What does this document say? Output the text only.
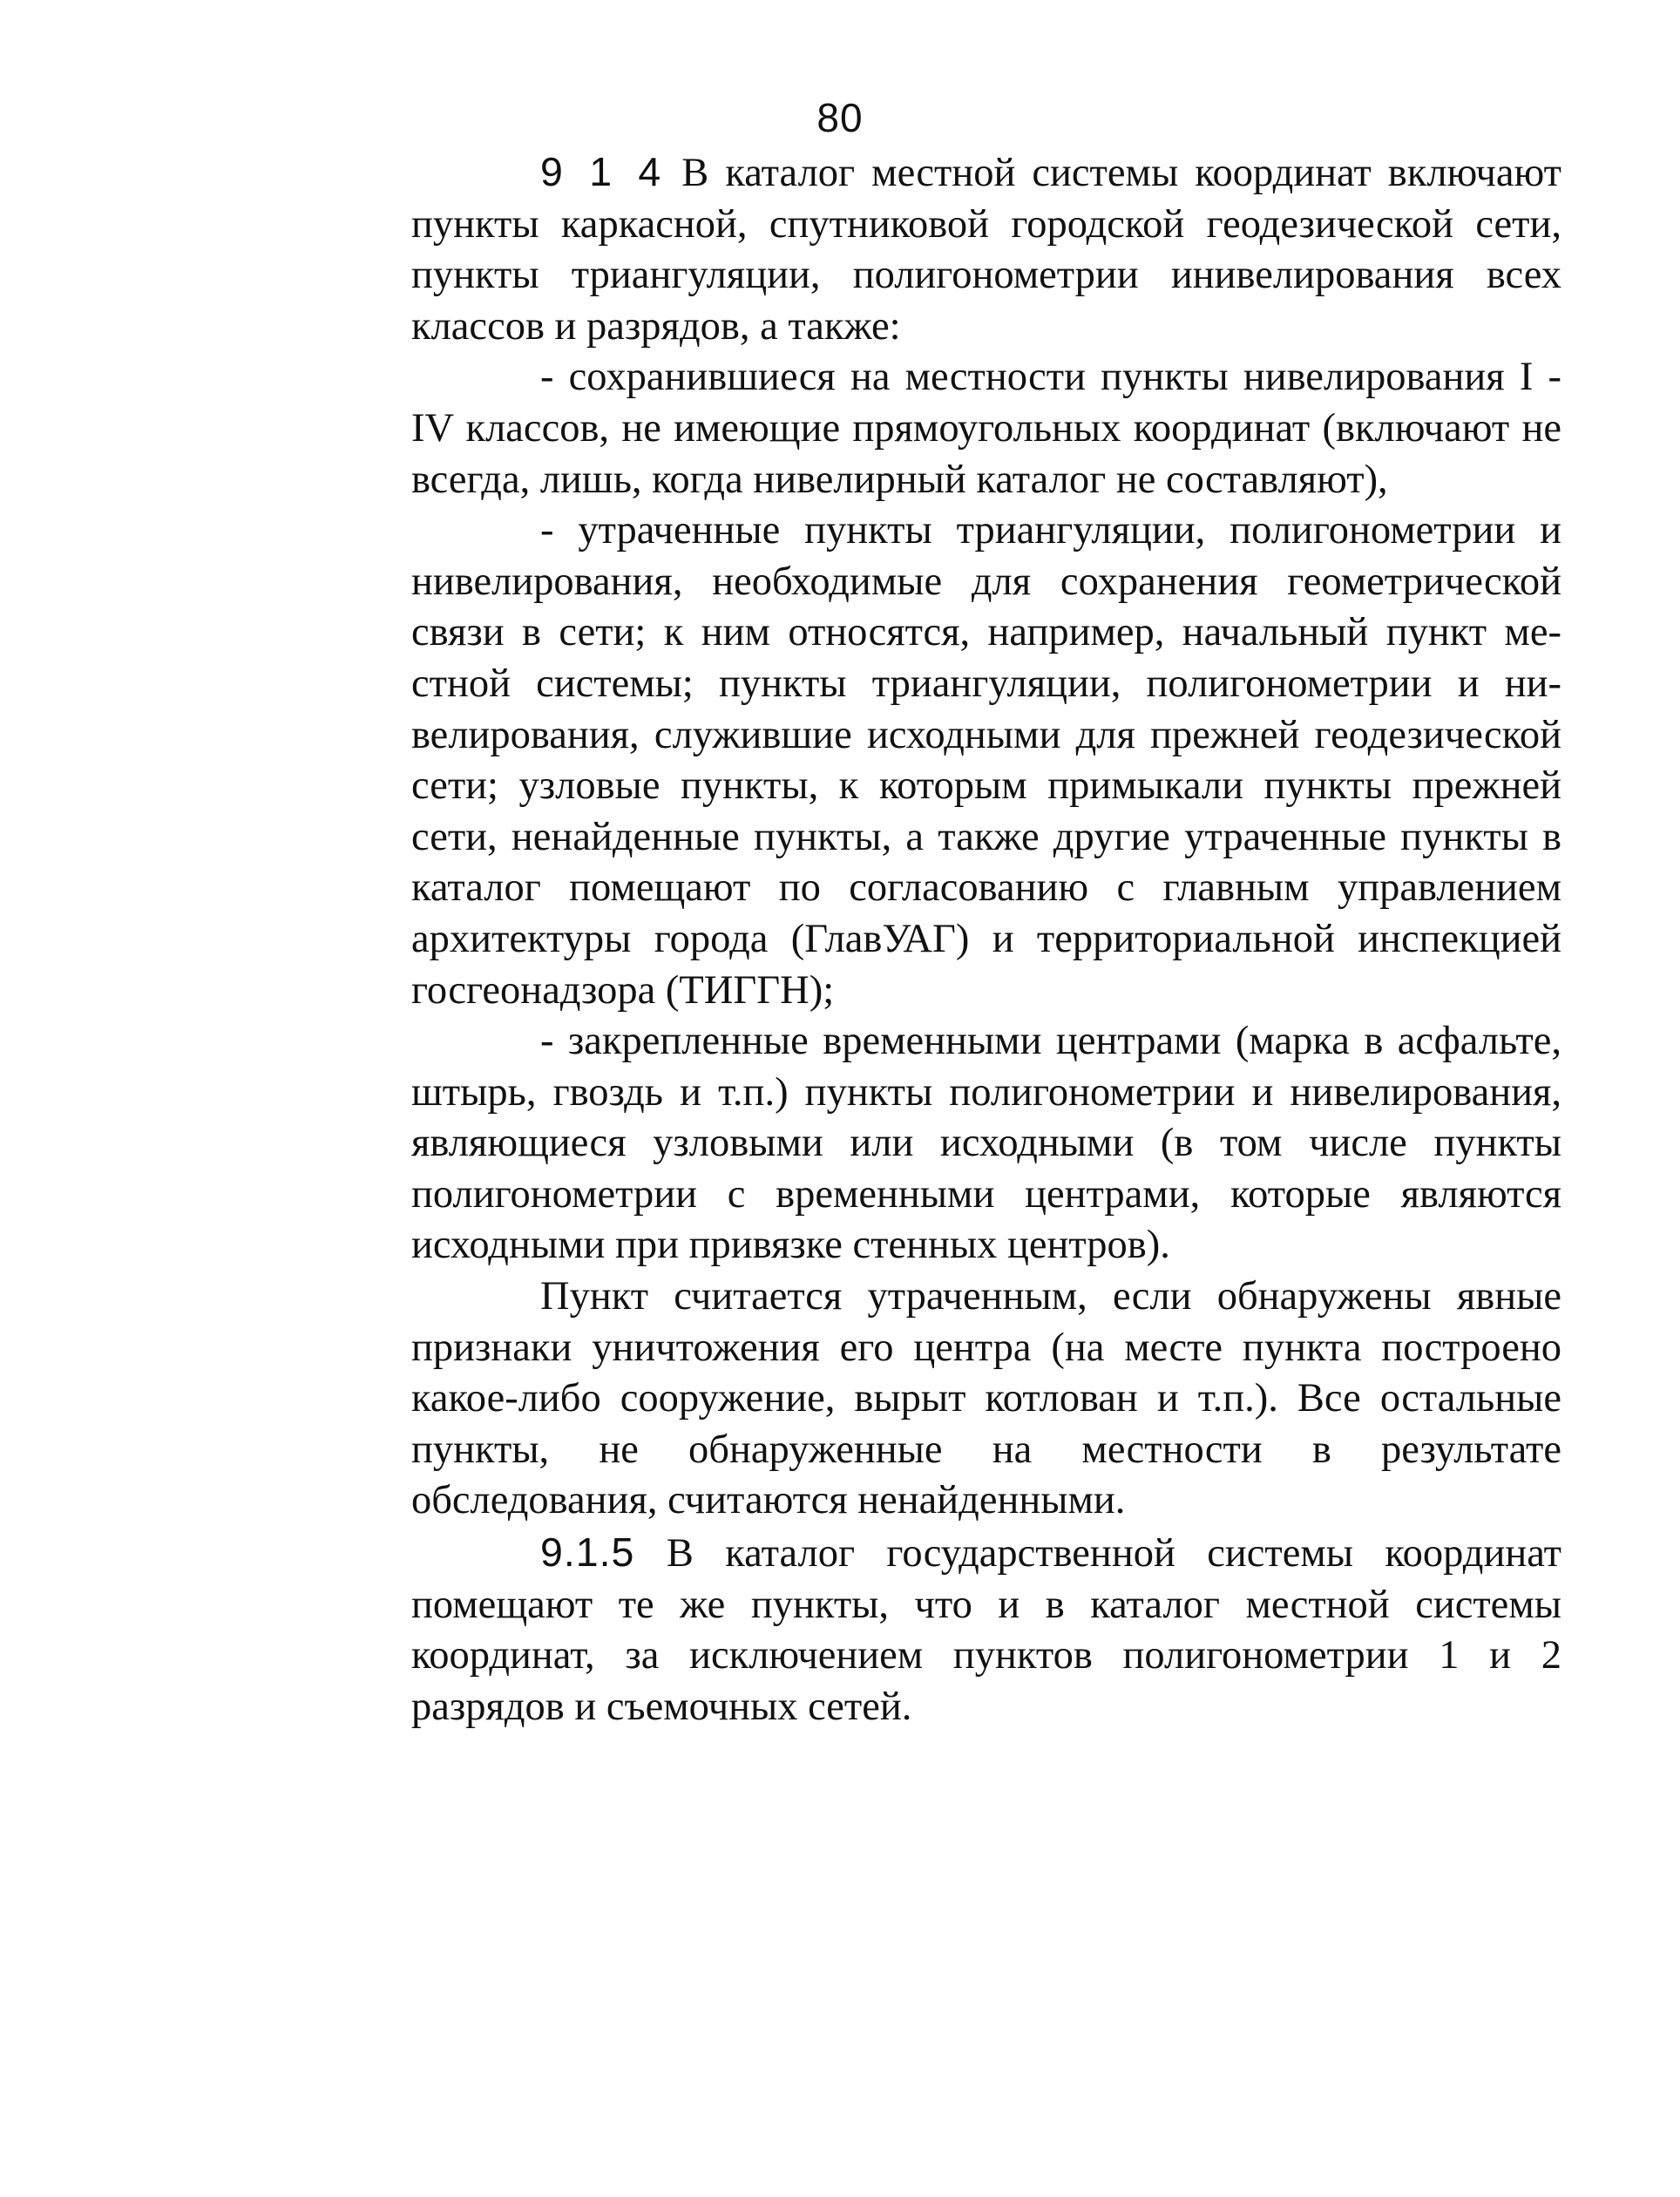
80

9 1 4 В каталог местной системы координат включают пункты каркасной, спутниковой городской геодезической сети, пункты триангуляции, полигонометрии инивелирования всех классов и разрядов, а также:

- сохранившиеся на местности пункты нивелирования I - IV классов, не имеющие прямоугольных координат (включают не всегда, лишь, когда нивелирный каталог не составляют),

- утраченные пункты триангуляции, полигонометрии и нивелирования, необходимые для сохранения геометрической связи в сети; к ним относятся, например, начальный пункт местной системы; пункты триангуляции, полигонометрии и нивелирования, служившие исходными для прежней геодезической сети; узловые пункты, к которым примыкали пункты прежней сети, ненайденные пункты, а также другие утраченные пункты в каталог помещают по согласованию с главным управлением архитектуры города (ГлавУАГ) и территориальной инспекцией госгеонадзора (ТИГГН);

- закрепленные временными центрами (марка в асфальте, штырь, гвоздь и т.п.) пункты полигонометрии и нивелирования, являющиеся узловыми или исходными (в том числе пункты полигонометрии с временными центрами, которые являются исходными при привязке стенных центров).

Пункт считается утраченным, если обнаружены явные признаки уничтожения его центра (на месте пункта построено какое-либо сооружение, вырыт котлован и т.п.). Все остальные пункты, не обнаруженные на местности в результате обследования, считаются ненайденными.

9.1.5 В каталог государственной системы координат помещают те же пункты, что и в каталог местной системы координат, за исключением пунктов полигонометрии 1 и 2 разрядов и съемочных сетей.
